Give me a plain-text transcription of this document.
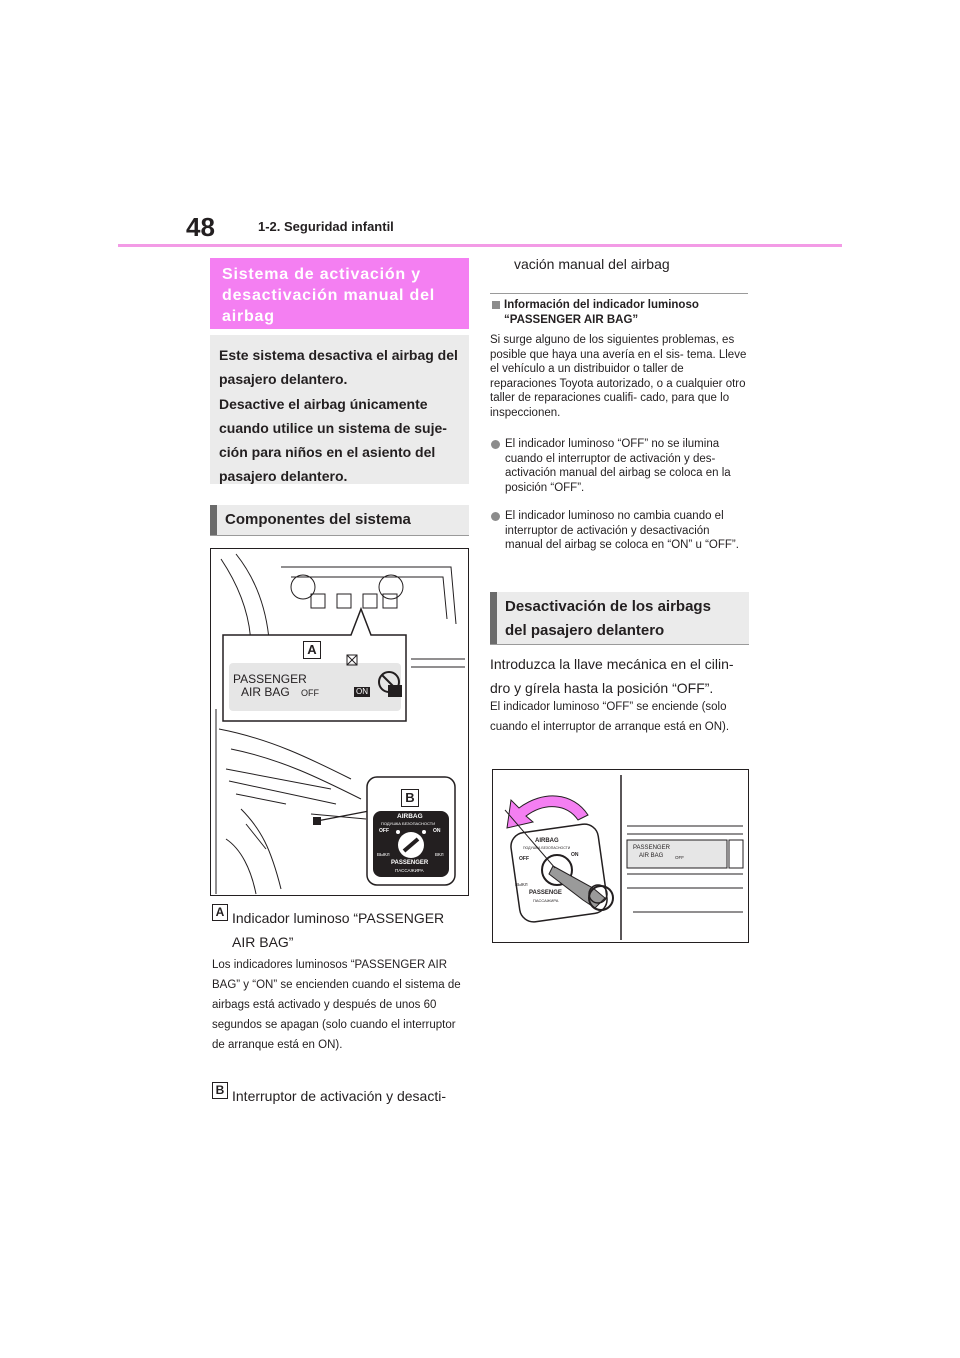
48	1-2. Seguridad infantil
Sistema de activación y desactivación manual del airbag

Este sistema desactiva el airbag del pasajero delantero.

Desactive el airbag únicamente cuando utilice un sistema de suje- ción para niños en el asiento del pasajero delantero.

Componentes del sistema
A
PASSENGER
AIR BAG OFF	ON
B
AIRBAG
ПОДУШКА БЕЗОПАСНОСТИ
OFF	ON
ВЫКЛ	ВКЛ
PASSENGER
ПАССАЖИРА
A Indicador luminoso “PASSENGER AIR BAG”
Los indicadores luminosos “PASSENGER AIR BAG” y “ON” se encienden cuando el sistema de airbags está activado y después de unos 60 segundos se apagan (solo cuando el interruptor de arranque está en ON).
B Interruptor de activación y desacti-
vación manual del airbag
Información del indicador luminoso “PASSENGER AIR BAG”
Si surge alguno de los siguientes problemas, es posible que haya una avería en el sis- tema. Lleve el vehículo a un distribuidor o taller de reparaciones Toyota autorizado, o a cualquier otro taller de reparaciones cualifi- cado, para que lo inspeccionen.
El indicador luminoso “OFF” no se ilumina cuando el interruptor de activación y des- activación manual del airbag se coloca en la posición “OFF”.
El indicador luminoso no cambia cuando el interruptor de activación y desactivación manual del airbag se coloca en “ON” u “OFF”.
Desactivación de los airbags del pasajero delantero
Introduzca la llave mecánica en el cilin- dro y gírela hasta la posición “OFF”.
El indicador luminoso “OFF” se enciende (solo cuando el interruptor de arranque está en ON).
AIRBAG
ПОДУШКА БЕЗОПАСНОСТИ
OFF
ON
ВЫКЛ
PASSENGE
ПАССАЖИРА
PASSENGER
AIR BAG	OFF
